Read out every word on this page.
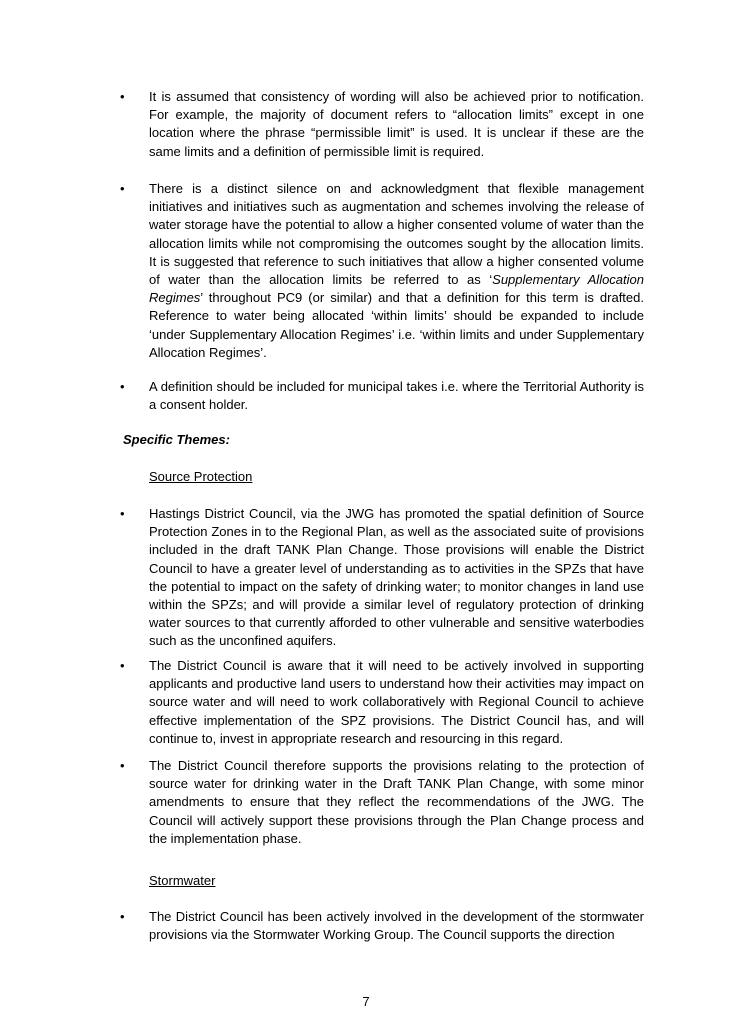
• It is assumed that consistency of wording will also be achieved prior to notification. For example, the majority of document refers to “allocation limits” except in one location where the phrase “permissible limit” is used. It is unclear if these are the same limits and a definition of permissible limit is required.
• There is a distinct silence on and acknowledgment that flexible management initiatives and initiatives such as augmentation and schemes involving the release of water storage have the potential to allow a higher consented volume of water than the allocation limits while not compromising the outcomes sought by the allocation limits. It is suggested that reference to such initiatives that allow a higher consented volume of water than the allocation limits be referred to as ‘Supplementary Allocation Regimes’ throughout PC9 (or similar) and that a definition for this term is drafted. Reference to water being allocated ‘within limits’ should be expanded to include ‘under Supplementary Allocation Regimes’ i.e. ‘within limits and under Supplementary Allocation Regimes’.
• A definition should be included for municipal takes i.e. where the Territorial Authority is a consent holder.
Specific Themes:
Source Protection
• Hastings District Council, via the JWG has promoted the spatial definition of Source Protection Zones in to the Regional Plan, as well as the associated suite of provisions included in the draft TANK Plan Change. Those provisions will enable the District Council to have a greater level of understanding as to activities in the SPZs that have the potential to impact on the safety of drinking water; to monitor changes in land use within the SPZs; and will provide a similar level of regulatory protection of drinking water sources to that currently afforded to other vulnerable and sensitive waterbodies such as the unconfined aquifers.
• The District Council is aware that it will need to be actively involved in supporting applicants and productive land users to understand how their activities may impact on source water and will need to work collaboratively with Regional Council to achieve effective implementation of the SPZ provisions. The District Council has, and will continue to, invest in appropriate research and resourcing in this regard.
• The District Council therefore supports the provisions relating to the protection of source water for drinking water in the Draft TANK Plan Change, with some minor amendments to ensure that they reflect the recommendations of the JWG. The Council will actively support these provisions through the Plan Change process and the implementation phase.
Stormwater
• The District Council has been actively involved in the development of the stormwater provisions via the Stormwater Working Group. The Council supports the direction
7
